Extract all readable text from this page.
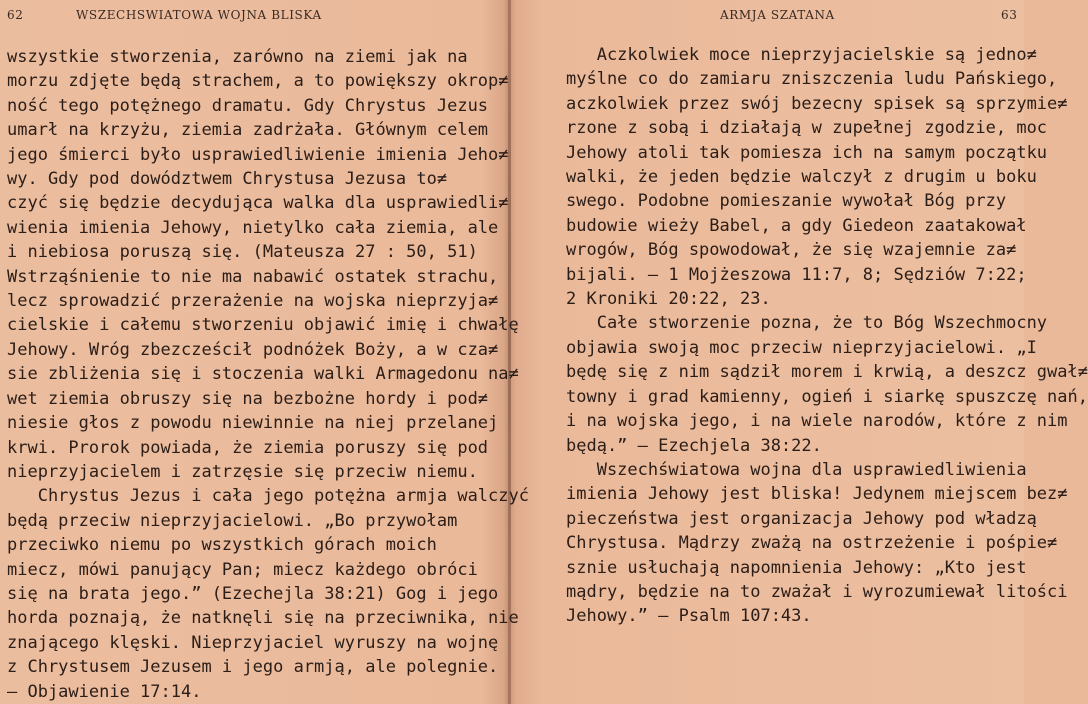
62	WSZECHSWIATOWA WOJNA BLISKA
wszystkie stworzenia, zarówno na ziemi jak na
morzu zdjęte będą strachem, a to powiększy okrop≠
ność tego potężnego dramatu. Gdy Chrystus Jezus
umarł na krzyżu, ziemia zadrżała. Głównym celem
jego śmierci było usprawiedliwienie imienia Jeho≠
wy. Gdy pod dowództwem Chrystusa Jezusa to≠
czyć się będzie decydująca walka dla usprawiedli≠
wienia imienia Jehowy, nietylko cała ziemia, ale
i niebiosa poruszą się. (Mateusza 27 : 50, 51)
Wstrząśnienie to nie ma nabawić ostatek strachu,
lecz sprowadzić przerażenie na wojska nieprzyja≠
cielskie i całemu stworzeniu objawić imię i chwałę
Jehowy. Wróg zbezcześcił podnóżek Boży, a w cza≠
sie zbliżenia się i stoczenia walki Armagedonu na≠
wet ziemia obruszy się na bezbożne hordy i pod≠
niesie głos z powodu niewinnie na niej przelanej
krwi. Prorok powiada, że ziemia poruszy się pod
nieprzyjacielem i zatrzęsie się przeciw niemu.
Chrystus Jezus i cała jego potężna armja walczyć
będą przeciw nieprzyjacielowi. „Bo przywołam
przeciwko niemu po wszystkich górach moich
miecz, mówi panujący Pan; miecz każdego obróci
się na brata jego.” (Ezechejla 38:21) Gog i jego
horda poznają, że natknęli się na przeciwnika, nie
znającego klęski. Nieprzyjaciel wyruszy na wojnę
z Chrystusem Jezusem i jego armją, ale polegnie.
— Objawienie 17:14.
ARMJA SZATANA	63
Aczkolwiek moce nieprzyjacielskie są jedno≠
myślne co do zamiaru zniszczenia ludu Pańskiego,
aczkolwiek przez swój bezecny spisek są sprzymie≠
rzone z sobą i działają w zupełnej zgodzie, moc
Jehowy atoli tak pomiesza ich na samym początku
walki, że jeden będzie walczył z drugim u boku
swego. Podobne pomieszanie wywołał Bóg przy
budowie wieży Babel, a gdy Giedeon zaatakował
wrogów, Bóg spowodował, że się wzajemnie za≠
bijali. — 1 Mojżeszowa 11:7, 8; Sędziów 7:22;
2 Kroniki 20:22, 23.
Całe stworzenie pozna, że to Bóg Wszechmocny
objawia swoją moc przeciw nieprzyjacielowi. „I
będę się z nim sądził morem i krwią, a deszcz gwał≠
towny i grad kamienny, ogień i siarkę spuszczę nań,
i na wojska jego, i na wiele narodów, które z nim
będą.” — Ezechjela 38:22.
Wszechświatowa wojna dla usprawiedliwienia
imienia Jehowy jest bliska! Jedynem miejscem bez≠
pieczeństwa jest organizacja Jehowy pod władzą
Chrystusa. Mądrzy zważą na ostrzeżenie i pośpie≠
sznie usłuchają napomnienia Jehowy: „Kto jest
mądry, będzie na to zważał i wyrozumiewał litości
Jehowy.” — Psalm 107:43.
